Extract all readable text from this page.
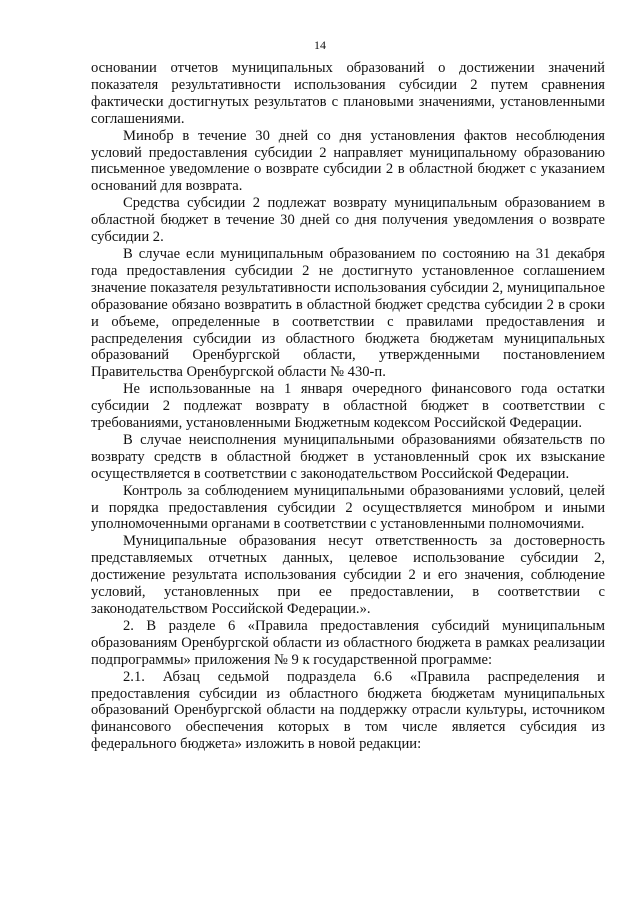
14

основании отчетов муниципальных образований о достижении значений показателя результативности использования субсидии 2 путем сравнения фактически достигнутых результатов с плановыми значениями, установленными соглашениями.

Минобр в течение 30 дней со дня установления фактов несоблюдения условий предоставления субсидии 2 направляет муниципальному образованию письменное уведомление о возврате субсидии 2 в областной бюджет с указанием оснований для возврата.

Средства субсидии 2 подлежат возврату муниципальным образованием в областной бюджет в течение 30 дней со дня получения уведомления о возврате субсидии 2.

В случае если муниципальным образованием по состоянию на 31 декабря года предоставления субсидии 2 не достигнуто установленное соглашением значение показателя результативности использования субсидии 2, муниципальное образование обязано возвратить в областной бюджет средства субсидии 2 в сроки и объеме, определенные в соответствии с правилами предоставления и распределения субсидии из областного бюджета бюджетам муниципальных образований Оренбургской области, утвержденными постановлением Правительства Оренбургской области № 430-п.

Не использованные на 1 января очередного финансового года остатки субсидии 2 подлежат возврату в областной бюджет в соответствии с требованиями, установленными Бюджетным кодексом Российской Федерации.

В случае неисполнения муниципальными образованиями обязательств по возврату средств в областной бюджет в установленный срок их взыскание осуществляется в соответствии с законодательством Российской Федерации.

Контроль за соблюдением муниципальными образованиями условий, целей и порядка предоставления субсидии 2 осуществляется минобром и иными уполномоченными органами в соответствии с установленными полномочиями.

Муниципальные образования несут ответственность за достоверность представляемых отчетных данных, целевое использование субсидии 2, достижение результата использования субсидии 2 и его значения, соблюдение условий, установленных при ее предоставлении, в соответствии с законодательством Российской Федерации.».

2. В разделе 6 «Правила предоставления субсидий муниципальным образованиям Оренбургской области из областного бюджета в рамках реализации подпрограммы» приложения № 9 к государственной программе:

2.1. Абзац седьмой подраздела 6.6 «Правила распределения и предоставления субсидии из областного бюджета бюджетам муниципальных образований Оренбургской области на поддержку отрасли культуры, источником финансового обеспечения которых в том числе является субсидия из федерального бюджета» изложить в новой редакции:
